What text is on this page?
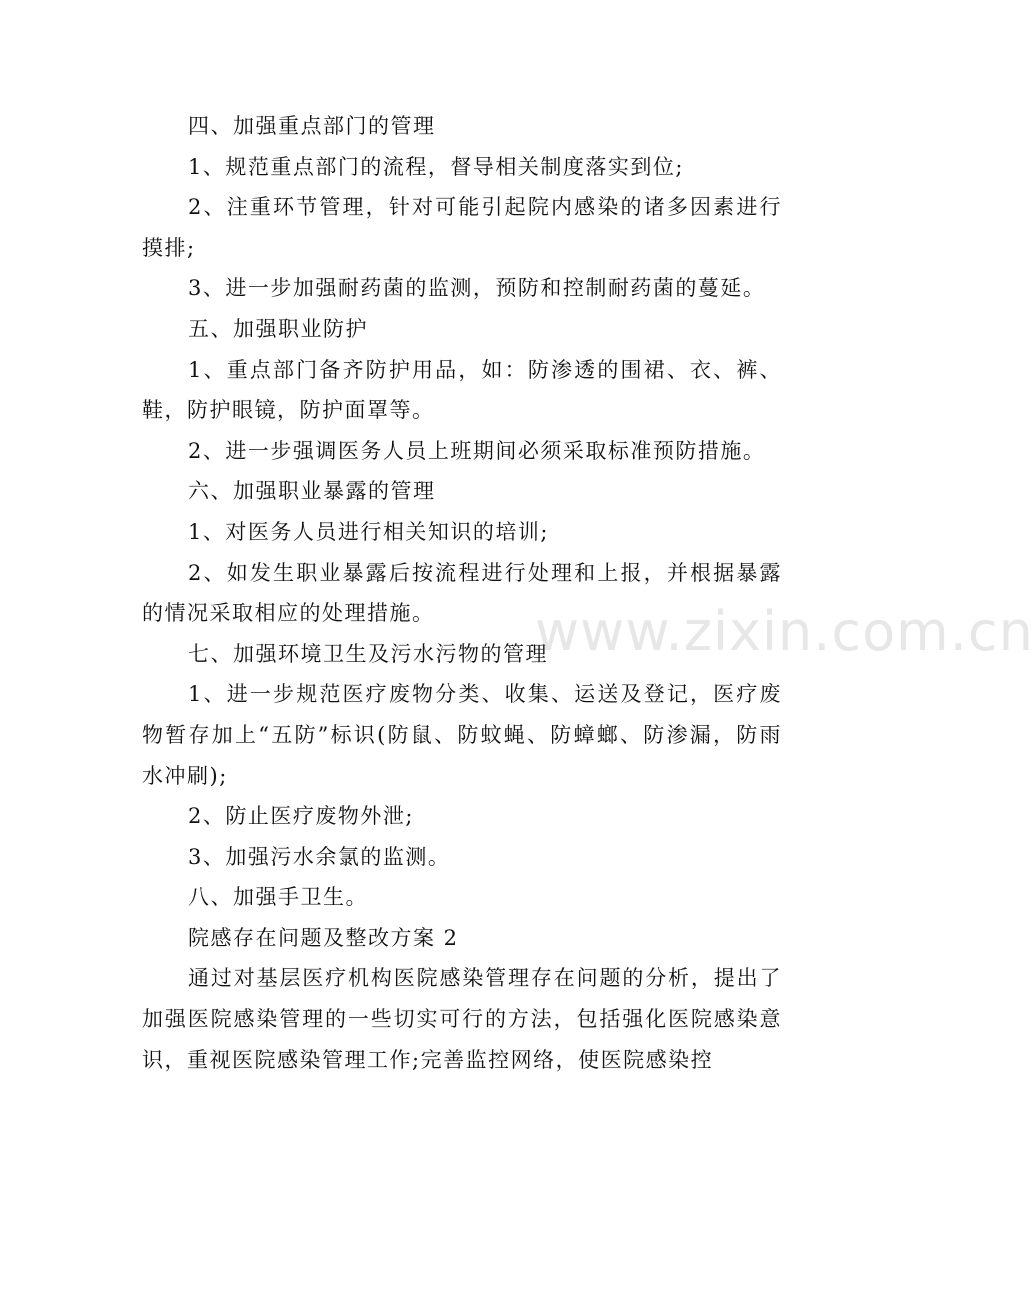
四、加强重点部门的管理

1、规范重点部门的流程，督导相关制度落实到位;

2、注重环节管理，针对可能引起院内感染的诸多因素进行摸排;

3、进一步加强耐药菌的监测，预防和控制耐药菌的蔓延。

五、加强职业防护

1、重点部门备齐防护用品，如：防渗透的围裙、衣、裤、鞋，防护眼镜，防护面罩等。

2、进一步强调医务人员上班期间必须采取标准预防措施。

六、加强职业暴露的管理

1、对医务人员进行相关知识的培训;

2、如发生职业暴露后按流程进行处理和上报，并根据暴露的情况采取相应的处理措施。

七、加强环境卫生及污水污物的管理

1、进一步规范医疗废物分类、收集、运送及登记，医疗废物暂存加上“五防”标识(防鼠、防蚊蝇、防蟑螂、防渗漏，防雨水冲刷);

2、防止医疗废物外泄;

3、加强污水余氯的监测。

八、加强手卫生。

院感存在问题及整改方案 2

通过对基层医疗机构医院感染管理存在问题的分析，提出了加强医院感染管理的一些切实可行的方法，包括强化医院感染意识，重视医院感染管理工作;完善监控网络，使医院感染控

www.zixin.com.cn
